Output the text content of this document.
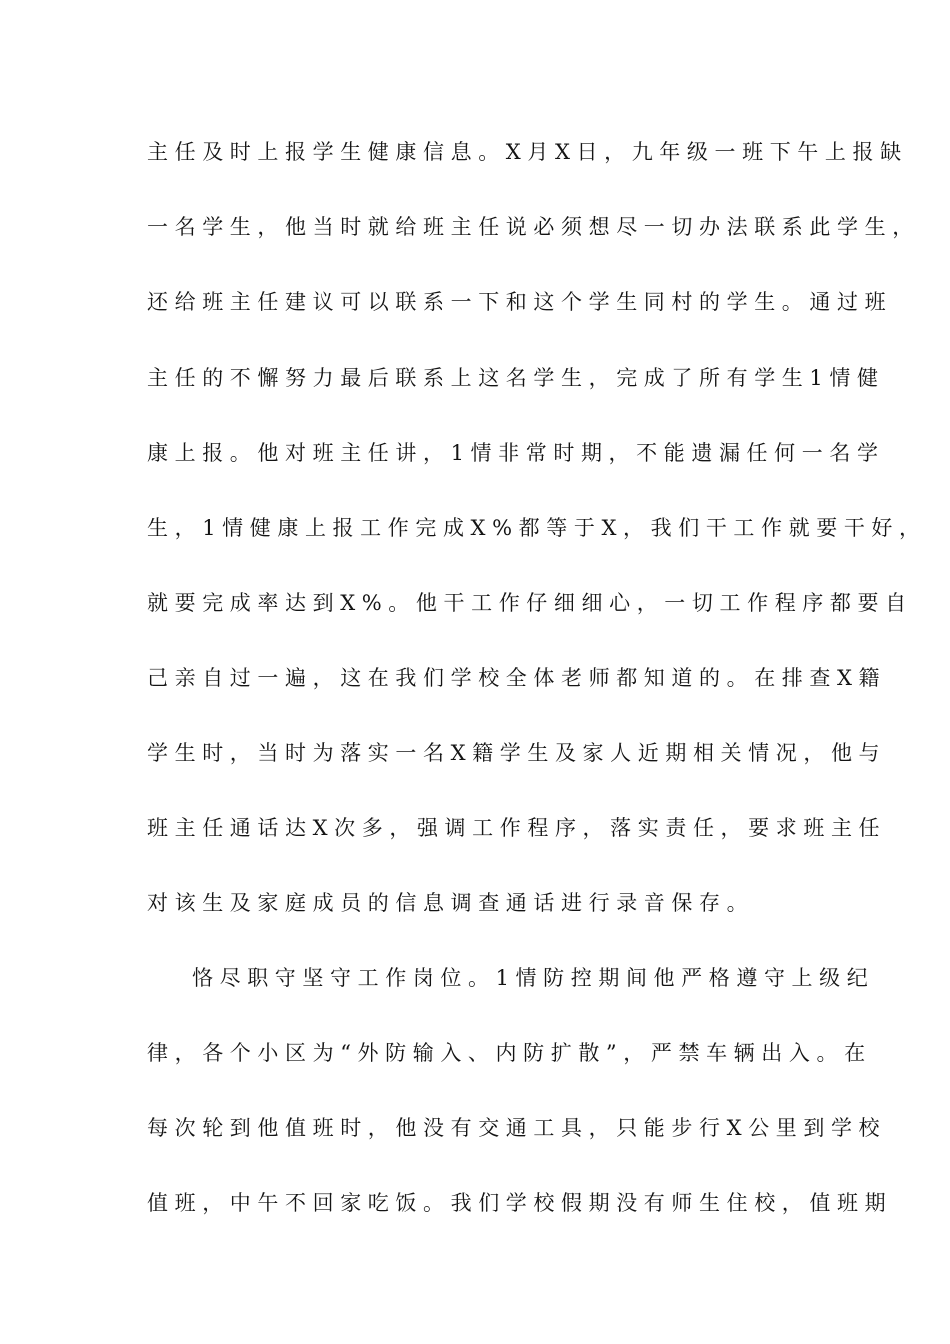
主任及时上报学生健康信息。X月X日，九年级一班下午上报缺
一名学生，他当时就给班主任说必须想尽一切办法联系此学生，
还给班主任建议可以联系一下和这个学生同村的学生。通过班
主任的不懈努力最后联系上这名学生，完成了所有学生1情健
康上报。他对班主任讲，1情非常时期，不能遗漏任何一名学
生，1情健康上报工作完成X%都等于X，我们干工作就要干好，
就要完成率达到X%。他干工作仔细细心，一切工作程序都要自
己亲自过一遍，这在我们学校全体老师都知道的。在排查X籍
学生时，当时为落实一名X籍学生及家人近期相关情况，他与
班主任通话达X次多，强调工作程序，落实责任，要求班主任
对该生及家庭成员的信息调查通话进行录音保存。
恪尽职守坚守工作岗位。1情防控期间他严格遵守上级纪
律，各个小区为“外防输入、内防扩散”，严禁车辆出入。在
每次轮到他值班时，他没有交通工具，只能步行X公里到学校
值班，中午不回家吃饭。我们学校假期没有师生住校，值班期
